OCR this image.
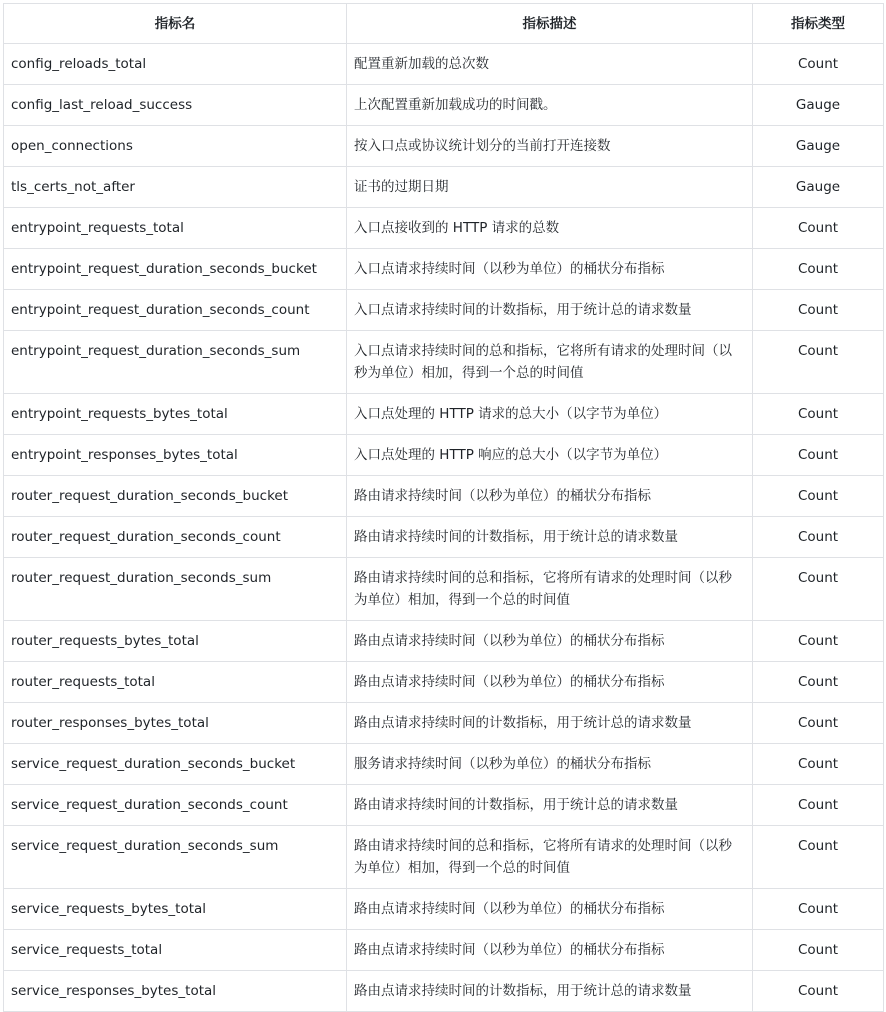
指标名	指标描述	指标类型
config_reloads_total	配置重新加载的总次数	Count
config_last_reload_success	上次配置重新加载成功的时间戳。	Gauge
open_connections	按入口点或协议统计划分的当前打开连接数	Gauge
tls_certs_not_after	证书的过期日期	Gauge
entrypoint_requests_total	入口点接收到的 HTTP 请求的总数	Count
entrypoint_request_duration_seconds_bucket	入口点请求持续时间（以秒为单位）的桶状分布指标	Count
entrypoint_request_duration_seconds_count	入口点请求持续时间的计数指标，用于统计总的请求数量	Count
entrypoint_request_duration_seconds_sum	入口点请求持续时间的总和指标，它将所有请求的处理时间（以秒为单位）相加，得到一个总的时间值	Count
entrypoint_requests_bytes_total	入口点处理的 HTTP 请求的总大小（以字节为单位）	Count
entrypoint_responses_bytes_total	入口点处理的 HTTP 响应的总大小（以字节为单位）	Count
router_request_duration_seconds_bucket	路由请求持续时间（以秒为单位）的桶状分布指标	Count
router_request_duration_seconds_count	路由请求持续时间的计数指标，用于统计总的请求数量	Count
router_request_duration_seconds_sum	路由请求持续时间的总和指标，它将所有请求的处理时间（以秒为单位）相加，得到一个总的时间值	Count
router_requests_bytes_total	路由点请求持续时间（以秒为单位）的桶状分布指标	Count
router_requests_total	路由点请求持续时间（以秒为单位）的桶状分布指标	Count
router_responses_bytes_total	路由点请求持续时间的计数指标，用于统计总的请求数量	Count
service_request_duration_seconds_bucket	服务请求持续时间（以秒为单位）的桶状分布指标	Count
service_request_duration_seconds_count	路由请求持续时间的计数指标，用于统计总的请求数量	Count
service_request_duration_seconds_sum	路由请求持续时间的总和指标，它将所有请求的处理时间（以秒为单位）相加，得到一个总的时间值	Count
service_requests_bytes_total	路由点请求持续时间（以秒为单位）的桶状分布指标	Count
service_requests_total	路由点请求持续时间（以秒为单位）的桶状分布指标	Count
service_responses_bytes_total	路由点请求持续时间的计数指标，用于统计总的请求数量	Count
